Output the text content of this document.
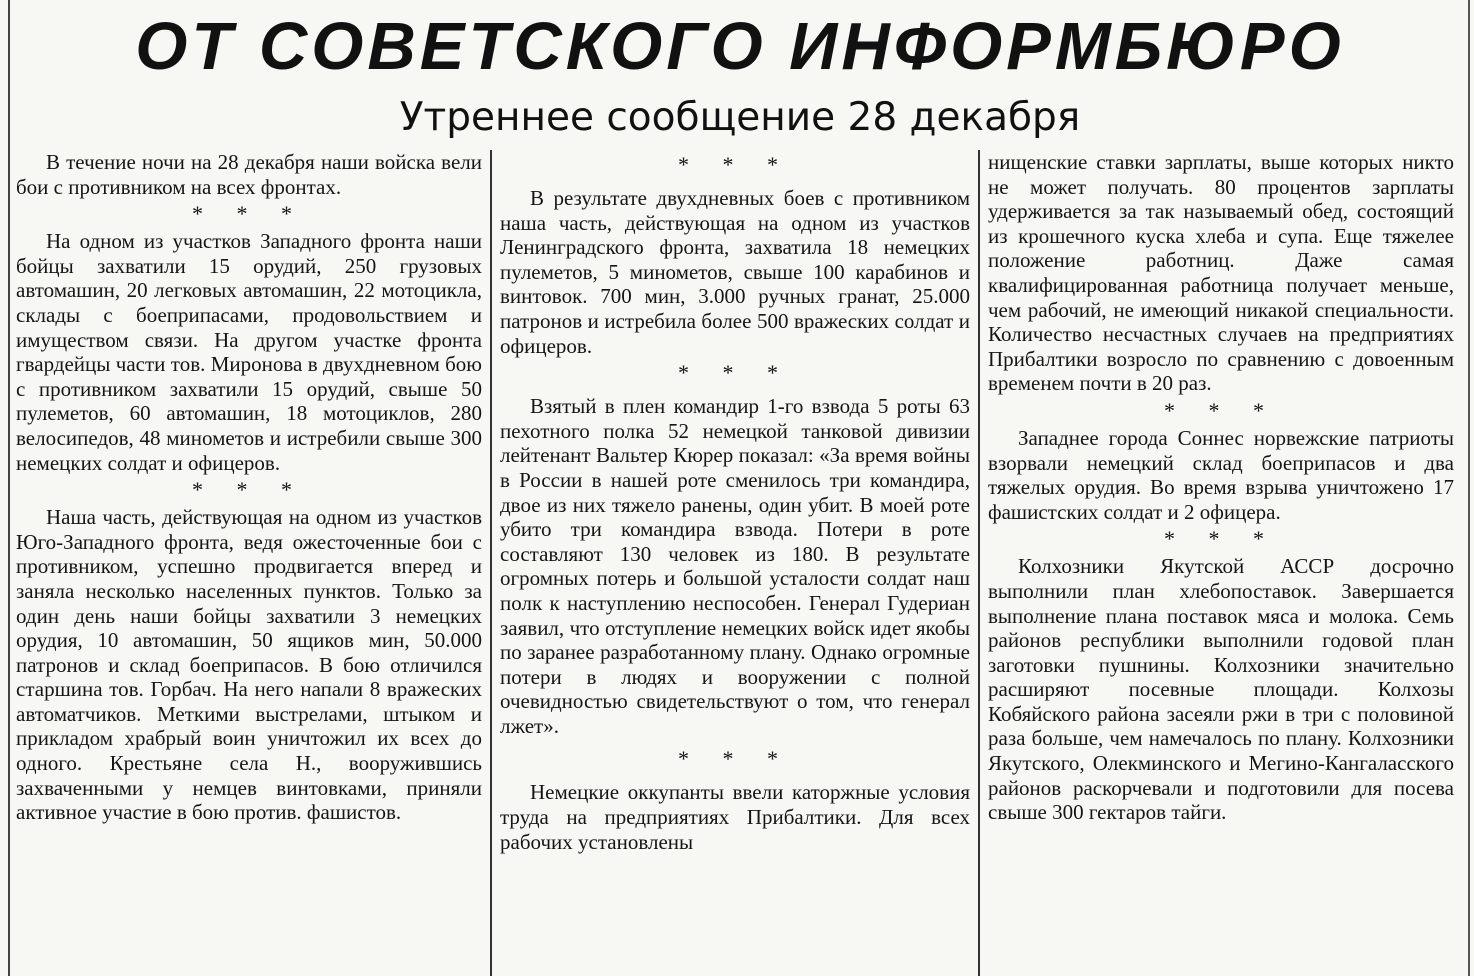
ОТ СОВЕТСКОГО ИНФОРМБЮРО
Утреннее сообщение 28 декабря

В течение ночи на 28 декабря наши войска вели бои с противником на всех фронтах.

* * *

На одном из участков Западного фронта наши бойцы захватили 15 орудий, 250 грузовых автомашин, 20 легковых автомашин, 22 мотоцикла, склады с боеприпасами, продовольствием и имуществом связи. На другом участке фронта гвардейцы части тов. Миронова в двухдневном бою с противником захватили 15 орудий, свыше 50 пулеметов, 60 автомашин, 18 мотоциклов, 280 велосипедов, 48 минометов и истребили свыше 300 немецких солдат и офицеров.

* * *

Наша часть, действующая на одном из участков Юго-Западного фронта, ведя ожесточенные бои с противником, успешно продвигается вперед и заняла несколько населенных пунктов. Только за один день наши бойцы захватили 3 немецких орудия, 10 автомашин, 50 ящиков мин, 50.000 патронов и склад боеприпасов. В бою отличился старшина тов. Горбач. На него напали 8 вражеских автоматчиков. Меткими выстрелами, штыком и прикладом храбрый воин уничтожил их всех до одного. Крестьяне села Н., вооружившись захваченными у немцев винтовками, приняли активное участие в бою против. фашистов.

* * *

В результате двухдневных боев с противником наша часть, действующая на одном из участков Ленинградского фронта, захватила 18 немецких пулеметов, 5 минометов, свыше 100 карабинов и винтовок. 700 мин, 3.000 ручных гранат, 25.000 патронов и истребила более 500 вражеских солдат и офицеров.

* * *

Взятый в плен командир 1-го взвода 5 роты 63 пехотного полка 52 немецкой танковой дивизии лейтенант Вальтер Кюрер показал: «За время войны в России в нашей роте сменилось три командира, двое из них тяжело ранены, один убит. В моей роте убито три командира взвода. Потери в роте составляют 130 человек из 180. В результате огромных потерь и большой усталости солдат наш полк к наступлению неспособен. Генерал Гудериан заявил, что отступление немецких войск идет якобы по заранее разработанному плану. Однако огромные потери в людях и вооружении с полной очевидностью свидетельствуют о том, что генерал лжет».

* * *

Немецкие оккупанты ввели каторжные условия труда на предприятиях Прибалтики. Для всех рабочих установлены

нищенские ставки зарплаты, выше которых никто не может получать. 80 процентов зарплаты удерживается за так называемый обед, состоящий из крошечного куска хлеба и супа. Еще тяжелее положение работниц. Даже самая квалифицированная работница получает меньше, чем рабочий, не имеющий никакой специальности. Количество несчастных случаев на предприятиях Прибалтики возросло по сравнению с довоенным временем почти в 20 раз.

* * *

Западнее города Соннес норвежские патриоты взорвали немецкий склад боеприпасов и два тяжелых орудия. Во время взрыва уничтожено 17 фашистских солдат и 2 офицера.

* * *

Колхозники Якутской АССР досрочно выполнили план хлебопоставок. Завершается выполнение плана поставок мяса и молока. Семь районов республики выполнили годовой план заготовки пушнины. Колхозники значительно расширяют посевные площади. Колхозы Кобяйского района засеяли ржи в три с половиной раза больше, чем намечалось по плану. Колхозники Якутского, Олекминского и Мегино-Кангаласского районов раскорчевали и подготовили для посева свыше 300 гектаров тайги.
